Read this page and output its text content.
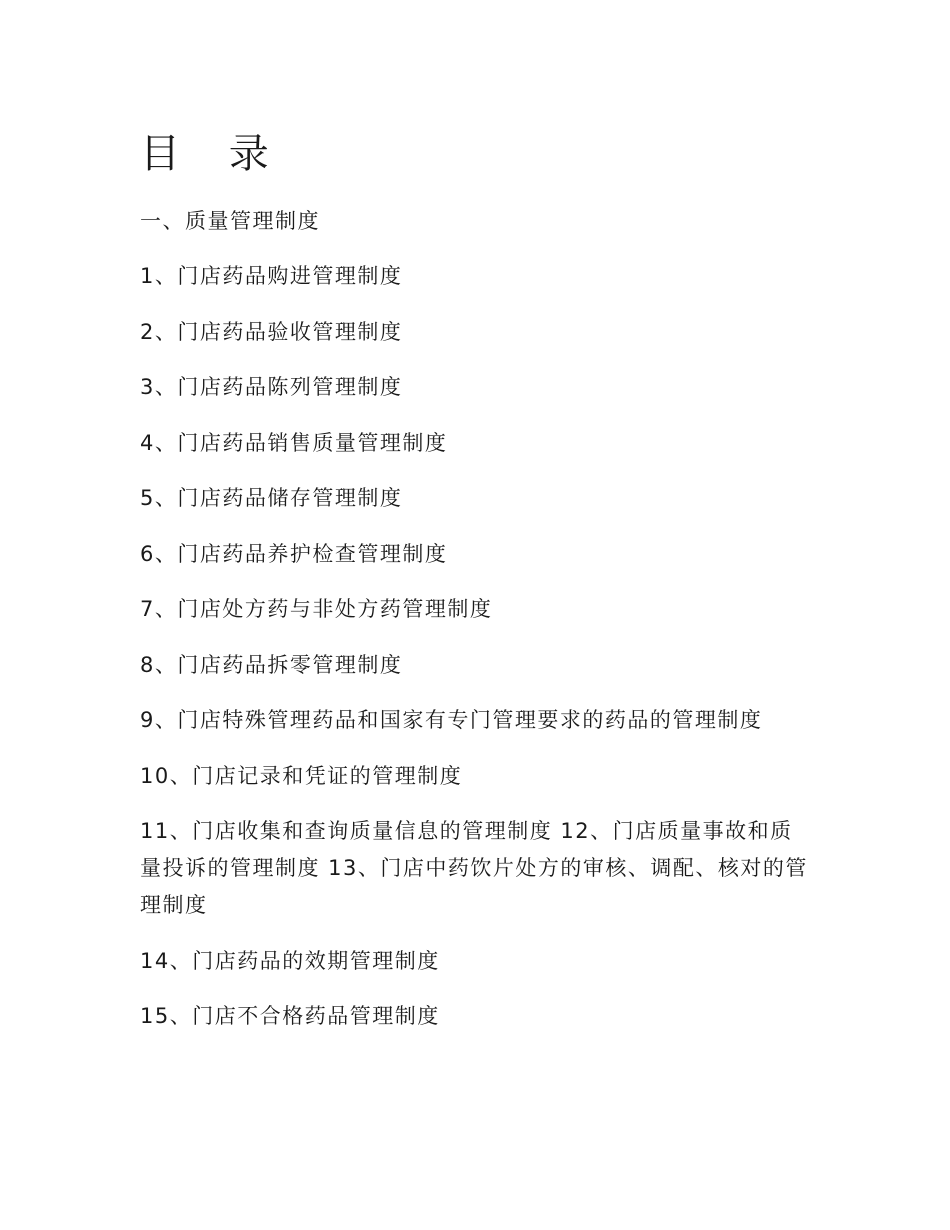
目 录
一、质量管理制度
1、门店药品购进管理制度
2、门店药品验收管理制度
3、门店药品陈列管理制度
4、门店药品销售质量管理制度
5、门店药品储存管理制度
6、门店药品养护检查管理制度
7、门店处方药与非处方药管理制度
8、门店药品拆零管理制度
9、门店特殊管理药品和国家有专门管理要求的药品的管理制度
10、门店记录和凭证的管理制度
11、门店收集和查询质量信息的管理制度 12、门店质量事故和质量投诉的管理制度 13、门店中药饮片处方的审核、调配、核对的管理制度
14、门店药品的效期管理制度
15、门店不合格药品管理制度
